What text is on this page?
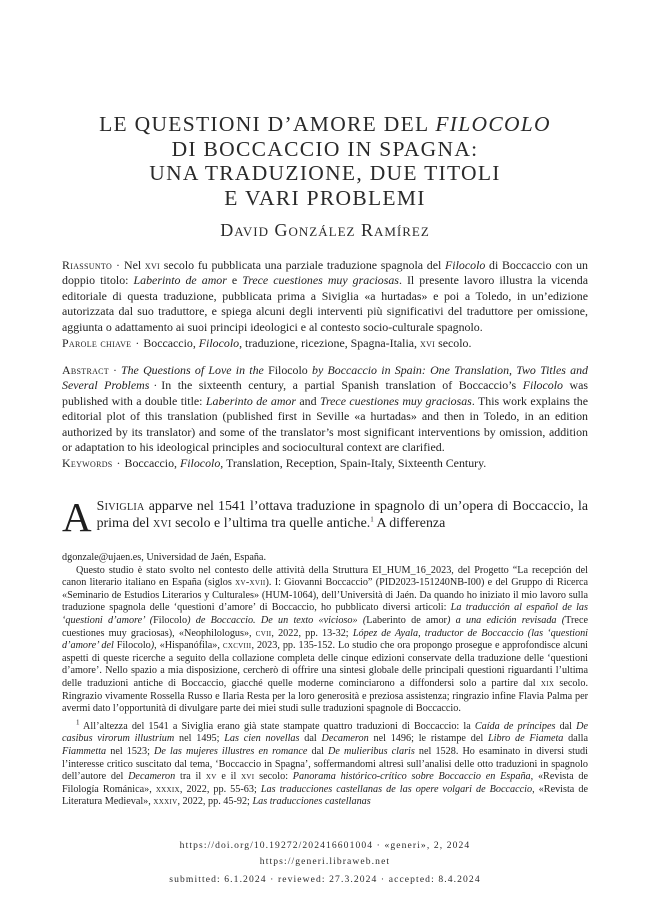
LE QUESTIONI D’AMORE DEL FILOCOLO
DI BOCCACCIO IN SPAGNA:
UNA TRADUZIONE, DUE TITOLI
E VARI PROBLEMI
David González Ramírez

Riassunto · Nel xvi secolo fu pubblicata una parziale traduzione spagnola del Filocolo di Boccaccio con un doppio titolo: Laberinto de amor e Trece cuestiones muy graciosas. Il presente lavoro illustra la vicenda editoriale di questa traduzione, pubblicata prima a Siviglia «a hurtadas» e poi a Toledo, in un’edizione autorizzata dal suo traduttore, e spiega alcuni degli interventi più significativi del traduttore per omissione, aggiunta o adattamento ai suoi principi ideologici e al contesto socio-culturale spagnolo.

Parole chiave · Boccaccio, Filocolo, traduzione, ricezione, Spagna-Italia, xvi secolo.

Abstract · The Questions of Love in the Filocolo by Boccaccio in Spain: One Translation, Two Titles and Several Problems · In the sixteenth century, a partial Spanish translation of Boccaccio’s Filocolo was published with a double title: Laberinto de amor and Trece cuestiones muy graciosas. This work explains the editorial plot of this translation (published first in Seville «a hurtadas» and then in Toledo, in an edition authorized by its translator) and some of the translator’s most significant interventions by omission, addition or adaptation to his ideological principles and sociocultural context are clarified.

Keywords · Boccaccio, Filocolo, Translation, Reception, Spain-Italy, Sixteenth Century.

A Siviglia apparve nel 1541 l’ottava traduzione in spagnolo di un’opera di Boccaccio, la prima del xvi secolo e l’ultima tra quelle antiche.$^1$ A differenza

dgonzale@ujaen.es, Universidad de Jaén, España.

Questo studio è stato svolto nel contesto delle attività della Struttura EI_HUM_16_2023, del Progetto “La recepción del canon literario italiano en España (siglos xv-xvii). I: Giovanni Boccaccio” (PID2023-151240NB-I00) e del Gruppo di Ricerca «Seminario de Estudios Literarios y Culturales» (HUM-1064), dell’Università di Jaén. Da quando ho iniziato il mio lavoro sulla traduzione spagnola delle ‘questioni d’amore’ di Boccaccio, ho pubblicato diversi articoli: La traducción al español de las ‘questioni d’amore’ (Filocolo) de Boccaccio. De un texto «vicioso» (Laberinto de amor) a una edición revisada (Trece cuestiones muy graciosas), «Neophilologus», cvii, 2022, pp. 13-32; López de Ayala, traductor de Boccaccio (las ‘questioni d’amore’ del Filocolo), «Hispanófila», cxcviii, 2023, pp. 135-152. Lo studio che ora propongo prosegue e approfondisce alcuni aspetti di queste ricerche a seguito della collazione completa delle cinque edizioni conservate della traduzione delle ‘questioni d’amore’. Nello spazio a mia disposizione, cercherò di offrire una sintesi globale delle principali questioni riguardanti l’ultima delle traduzioni antiche di Boccaccio, giacché quelle moderne cominciarono a diffondersi solo a partire dal xix secolo. Ringrazio vivamente Rossella Russo e Ilaria Resta per la loro generosità e preziosa assistenza; ringrazio infine Flavia Palma per avermi dato l’opportunità di divulgare parte dei miei studi sulle traduzioni spagnole di Boccaccio.

$^1$ All’altezza del 1541 a Siviglia erano già state stampate quattro traduzioni di Boccaccio: la Caída de príncipes dal De casibus virorum illustrium nel 1495; Las cien novellas dal Decameron nel 1496; le ristampe del Libro de Fiameta dalla Fiammetta nel 1523; De las mujeres illustres en romance dal De mulieribus claris nel 1528. Ho esaminato in diversi studi l’interesse critico suscitato dal tema, ‘Boccaccio in Spagna’, soffermandomi altresì sull’analisi delle otto traduzioni in spagnolo dell’autore del Decameron tra il xv e il xvi secolo: Panorama histórico-crítico sobre Boccaccio en España, «Revista de Filología Románica», xxxix, 2022, pp. 55-63; Las traducciones castellanas de las opere volgari de Boccaccio, «Revista de Literatura Medieval», xxxiv, 2022, pp. 45-92; Las traducciones castellanas

https://doi.org/10.19272/202416601004 · «generi», 2, 2024
https://generi.libraweb.net
submitted: 6.1.2024 · reviewed: 27.3.2024 · accepted: 8.4.2024
